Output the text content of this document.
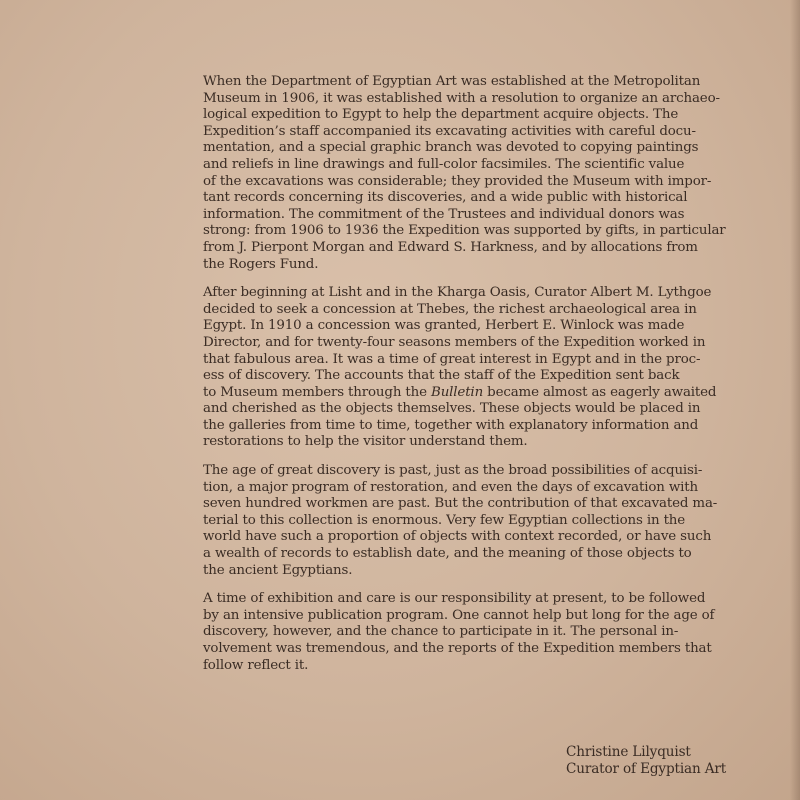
When the Department of Egyptian Art was established at the Metropolitan
Museum in 1906, it was established with a resolution to organize an archaeo-
logical expedition to Egypt to help the department acquire objects. The
Expedition’s staff accompanied its excavating activities with careful docu-
mentation, and a special graphic branch was devoted to copying paintings
and reliefs in line drawings and full-color facsimiles. The scientific value
of the excavations was considerable; they provided the Museum with impor-
tant records concerning its discoveries, and a wide public with historical
information. The commitment of the Trustees and individual donors was
strong: from 1906 to 1936 the Expedition was supported by gifts, in particular
from J. Pierpont Morgan and Edward S. Harkness, and by allocations from
the Rogers Fund.

After beginning at Lisht and in the Kharga Oasis, Curator Albert M. Lythgoe
decided to seek a concession at Thebes, the richest archaeological area in
Egypt. In 1910 a concession was granted, Herbert E. Winlock was made
Director, and for twenty-four seasons members of the Expedition worked in
that fabulous area. It was a time of great interest in Egypt and in the proc-
ess of discovery. The accounts that the staff of the Expedition sent back
to Museum members through the Bulletin became almost as eagerly awaited
and cherished as the objects themselves. These objects would be placed in
the galleries from time to time, together with explanatory information and
restorations to help the visitor understand them.

The age of great discovery is past, just as the broad possibilities of acquisi-
tion, a major program of restoration, and even the days of excavation with
seven hundred workmen are past. But the contribution of that excavated ma-
terial to this collection is enormous. Very few Egyptian collections in the
world have such a proportion of objects with context recorded, or have such
a wealth of records to establish date, and the meaning of those objects to
the ancient Egyptians.

A time of exhibition and care is our responsibility at present, to be followed
by an intensive publication program. One cannot help but long for the age of
discovery, however, and the chance to participate in it. The personal in-
volvement was tremendous, and the reports of the Expedition members that
follow reflect it.

Christine Lilyquist
Curator of Egyptian Art
